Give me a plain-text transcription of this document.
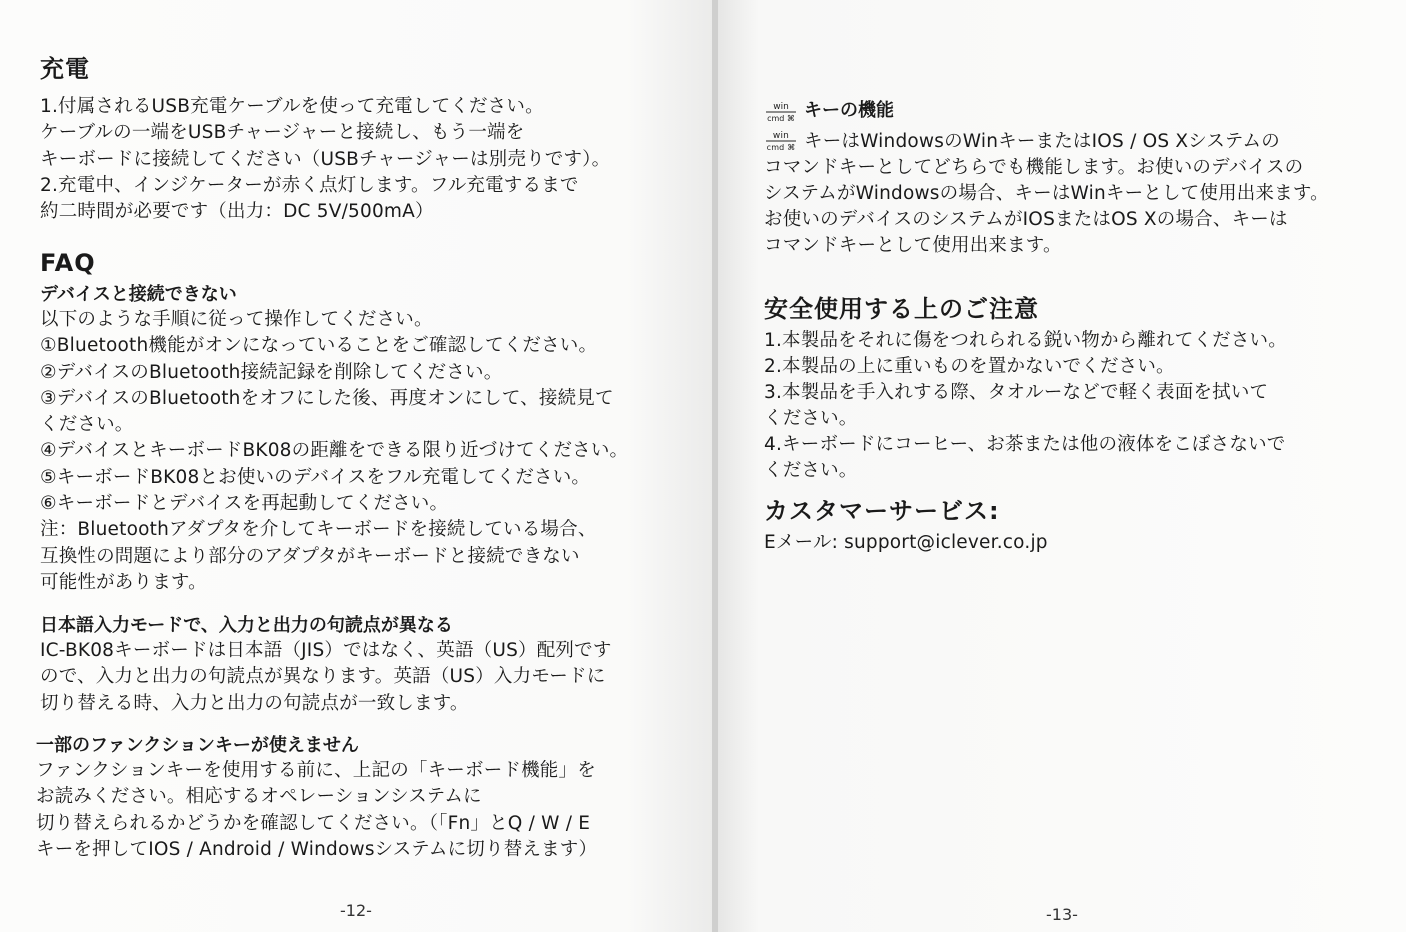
充電
1.付属されるUSB充電ケーブルを使って充電してください。
ケーブルの一端をUSBチャージャーと接続し、もう一端を
キーボードに接続してください（USBチャージャーは別売りです）。
2.充電中、インジケーターが赤く点灯します。フル充電するまで
約二時間が必要です（出力：DC 5V/500mA）
FAQ
デバイスと接続できない
以下のような手順に従って操作してください。
①Bluetooth機能がオンになっていることをご確認してください。
②デバイスのBluetooth接続記録を削除してください。
③デバイスのBluetoothをオフにした後、再度オンにして、接続見て
ください。
④デバイスとキーボードBK08の距離をできる限り近づけてください。
⑤キーボードBK08とお使いのデバイスをフル充電してください。
⑥キーボードとデバイスを再起動してください。
注：Bluetoothアダプタを介してキーボードを接続している場合、
互換性の問題により部分のアダプタがキーボードと接続できない
可能性があります。
日本語入力モードで、入力と出力の句読点が異なる
IC-BK08キーボードは日本語（JIS）ではなく、英語（US）配列です
ので、入力と出力の句読点が異なります。英語（US）入力モードに
切り替える時、入力と出力の句読点が一致します。
一部のファンクションキーが使えません
ファンクションキーを使用する前に、上記の「キーボード機能」を
お読みください。相応するオペレーションシステムに
切り替えられるかどうかを確認してください。（「Fn」とQ / W / E
キーを押してIOS / Android / Windowsシステムに切り替えます）
-12-
win
cmd ⌘ キーの機能
win
cmd ⌘ キーはWindowsのWinキーまたはIOS / OS Xシステムの
コマンドキーとしてどちらでも機能します。お使いのデバイスの
システムがWindowsの場合、キーはWinキーとして使用出来ます。
お使いのデバイスのシステムがIOSまたはOS Xの場合、キーは
コマンドキーとして使用出来ます。
安全使用する上のご注意
1.本製品をそれに傷をつれられる鋭い物から離れてください。
2.本製品の上に重いものを置かないでください。
3.本製品を手入れする際、タオルーなどで軽く表面を拭いて
ください。
4.キーボードにコーヒー、お茶または他の液体をこぼさないで
ください。
カスタマーサービス:
Eメール: support@iclever.co.jp
-13-
